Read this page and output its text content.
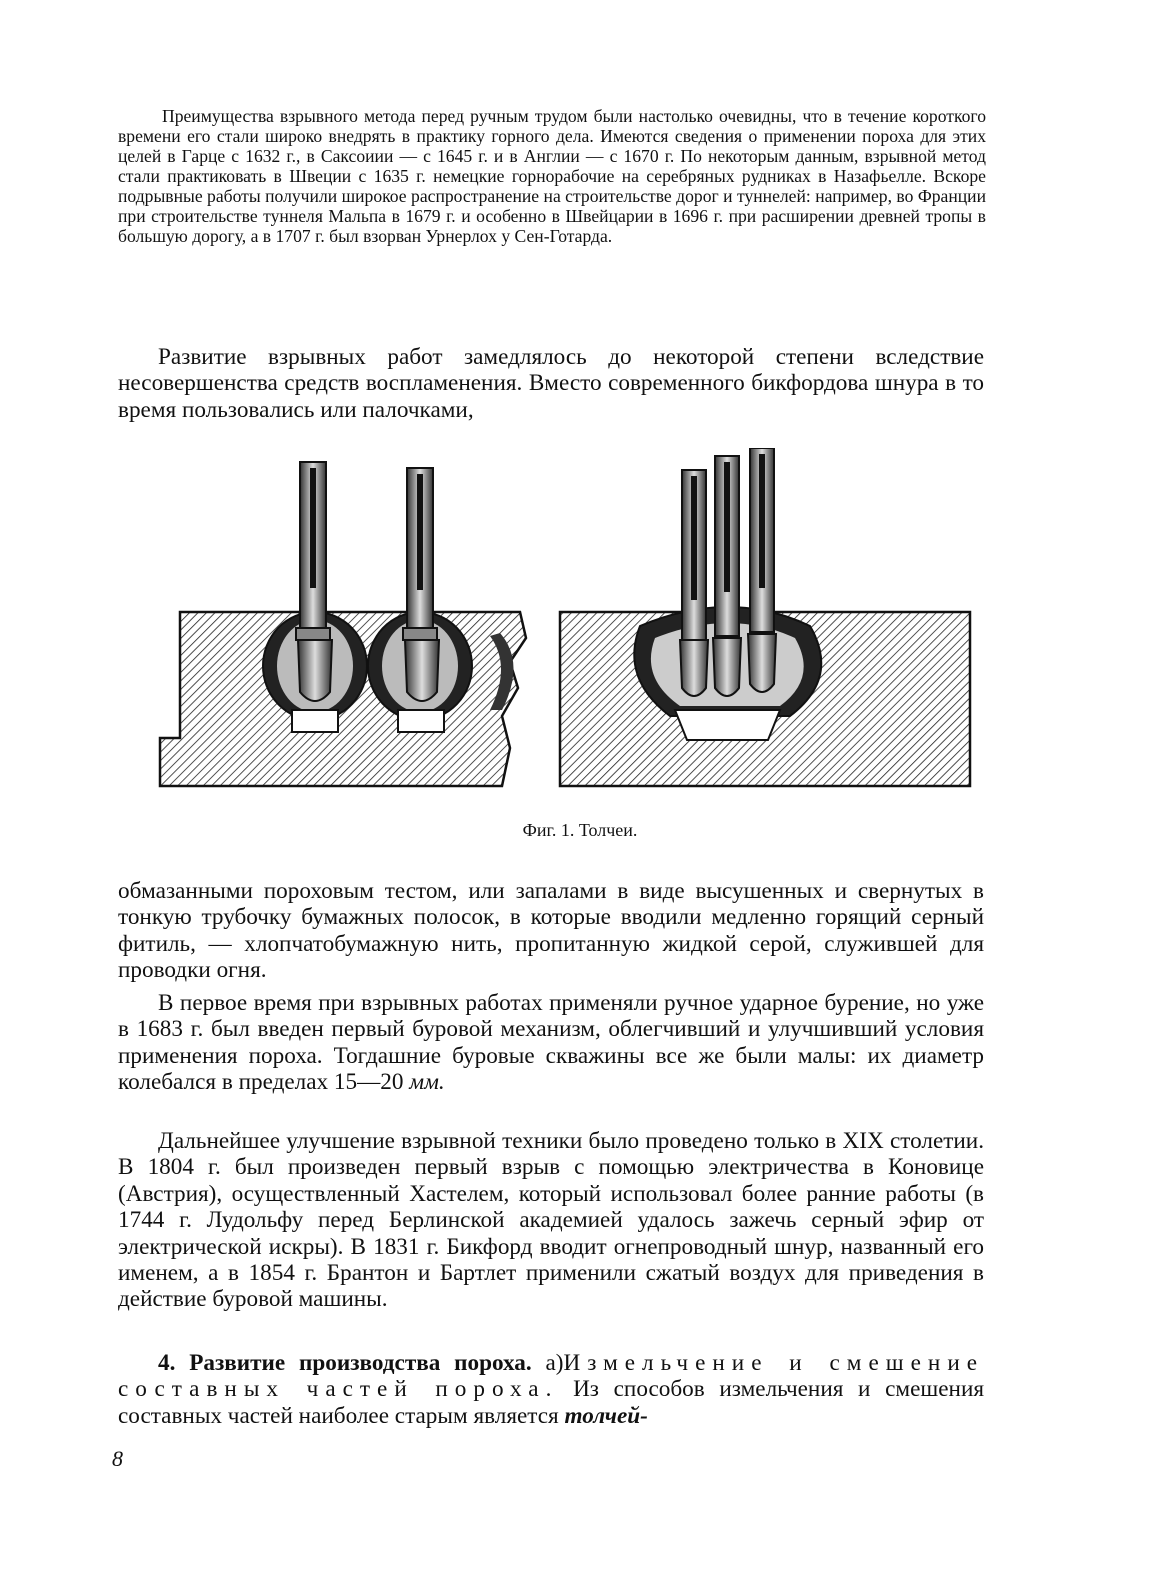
Преимущества взрывного метода перед ручным трудом были настолько очевидны, что в течение короткого времени его стали широко внедрять в практику горного дела. Имеются сведения о применении пороха для этих целей в Гарце с 1632 г., в Саксоиии — с 1645 г. и в Англии — с 1670 г. По некоторым данным, взрывной метод стали практиковать в Швеции с 1635 г. немецкие горнорабочие на серебряных рудниках в Назафьелле. Вскоре подрывные работы получили широкое распространение на строительстве дорог и туннелей: например, во Франции при строительстве туннеля Мальпа в 1679 г. и особенно в Швейцарии в 1696 г. при расширении древней тропы в большую дорогу, а в 1707 г. был взорван Урнерлох у Сен-Готарда.

Развитие взрывных работ замедлялось до некоторой степени вследствие несовершенства средств воспламенения. Вместо современного бикфордова шнура в то время пользовались или палочками,

Фиг. 1. Толчеи.

обмазанными пороховым тестом, или запалами в виде высушенных и свернутых в тонкую трубочку бумажных полосок, в которые вводили медленно горящий серный фитиль, — хлопчатобумажную нить, пропитанную жидкой серой, служившей для проводки огня.

В первое время при взрывных работах применяли ручное ударное бурение, но уже в 1683 г. был введен первый буровой механизм, облегчивший и улучшивший условия применения пороха. Тогдашние буровые скважины все же были малы: их диаметр колебался в пределах 15—20 мм.

Дальнейшее улучшение взрывной техники было проведено только в XIX столетии. В 1804 г. был произведен первый взрыв с помощью электричества в Коновице (Австрия), осуществленный Хастелем, который использовал более ранние работы (в 1744 г. Лудольфу перед Берлинской академией удалось зажечь серный эфир от электрической искры). В 1831 г. Бикфорд вводит огнепроводный шнур, названный его именем, а в 1854 г. Брантон и Бартлет применили сжатый воздух для приведения в действие буровой машины.

4. Развитие производства пороха. а)Измельчение и смешение составных частей пороха. Из способов измельчения и смешения составных частей наиболее старым является толчей-

8
